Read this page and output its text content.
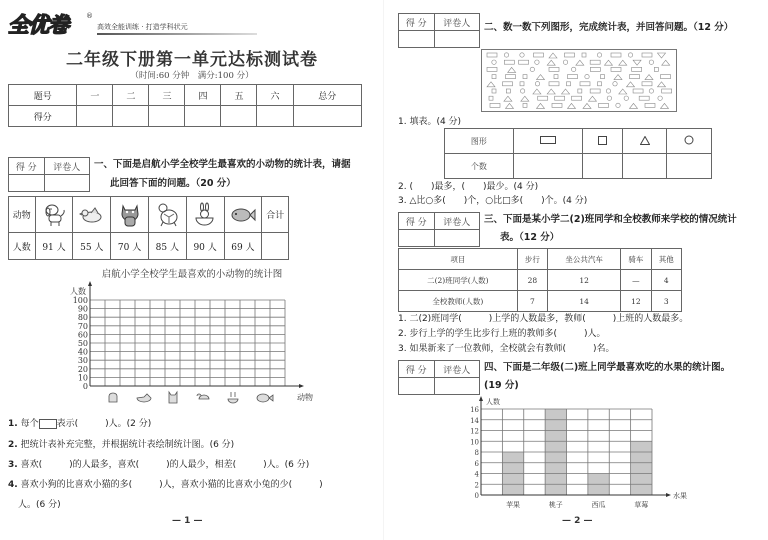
全优卷	®
高效全能训练 · 打造学科状元
二年级下册第一单元达标测试卷
（时间:60 分钟　满分:100 分）
题号	一	二	三	四	五	六	总分
得分							
得 分	评卷人
	一、下面是启航小学全校学生最喜欢的小动物的统计表，请据
此回答下面的问题。（20 分）
动物							合计
人数	91 人	55 人	70 人	85 人	90 人	69 人	
启航小学全校学生最喜欢的小动物的统计图
0
10
20
30
40
50
60
70
80
90
100
人数
动物
1. 每个 表示(　　　)人。(2 分)
2. 把统计表补充完整，并根据统计表绘制统计图。(6 分)
3. 喜欢(　　　)的人最多，喜欢(　　　)的人最少，相差(　　　)人。(6 分)
4. 喜欢小狗的比喜欢小猫的多(　　　)人，喜欢小猫的比喜欢小兔的少(　　　)
人。(6 分)
— 1 —
得 分	评卷人
	二、数一数下列图形，完成统计表，并回答问题。（12 分）
1. 填表。(4 分)
图形				
个数				
2. (　　)最多，(　　)最少。(4 分)
3. △比○多(　　)个，○比□多(　　)个。(4 分)
得 分	评卷人
	三、下面是某小学二(2)班同学和全校教师来学校的情况统计
表。（12 分）
项目	步行	坐公共汽车	骑车	其他
二(2)班同学(人数)	28	12	—	4
全校教师(人数)	7	14	12	3
1. 二(2)班同学(　　　)上学的人数最多，教师(　　　)上班的人数最多。
2. 步行上学的学生比步行上班的教师多(　　　)人。
3. 如果新来了一位教师，全校就会有教师(　　　)名。
得 分	评卷人
	四、下面是二年级(二)班上同学最喜欢吃的水果的统计图。
(19 分)
0
2
4
6
8
10
12
14
16
人数
水果
苹果	桃子	西瓜	草莓
— 2 —
